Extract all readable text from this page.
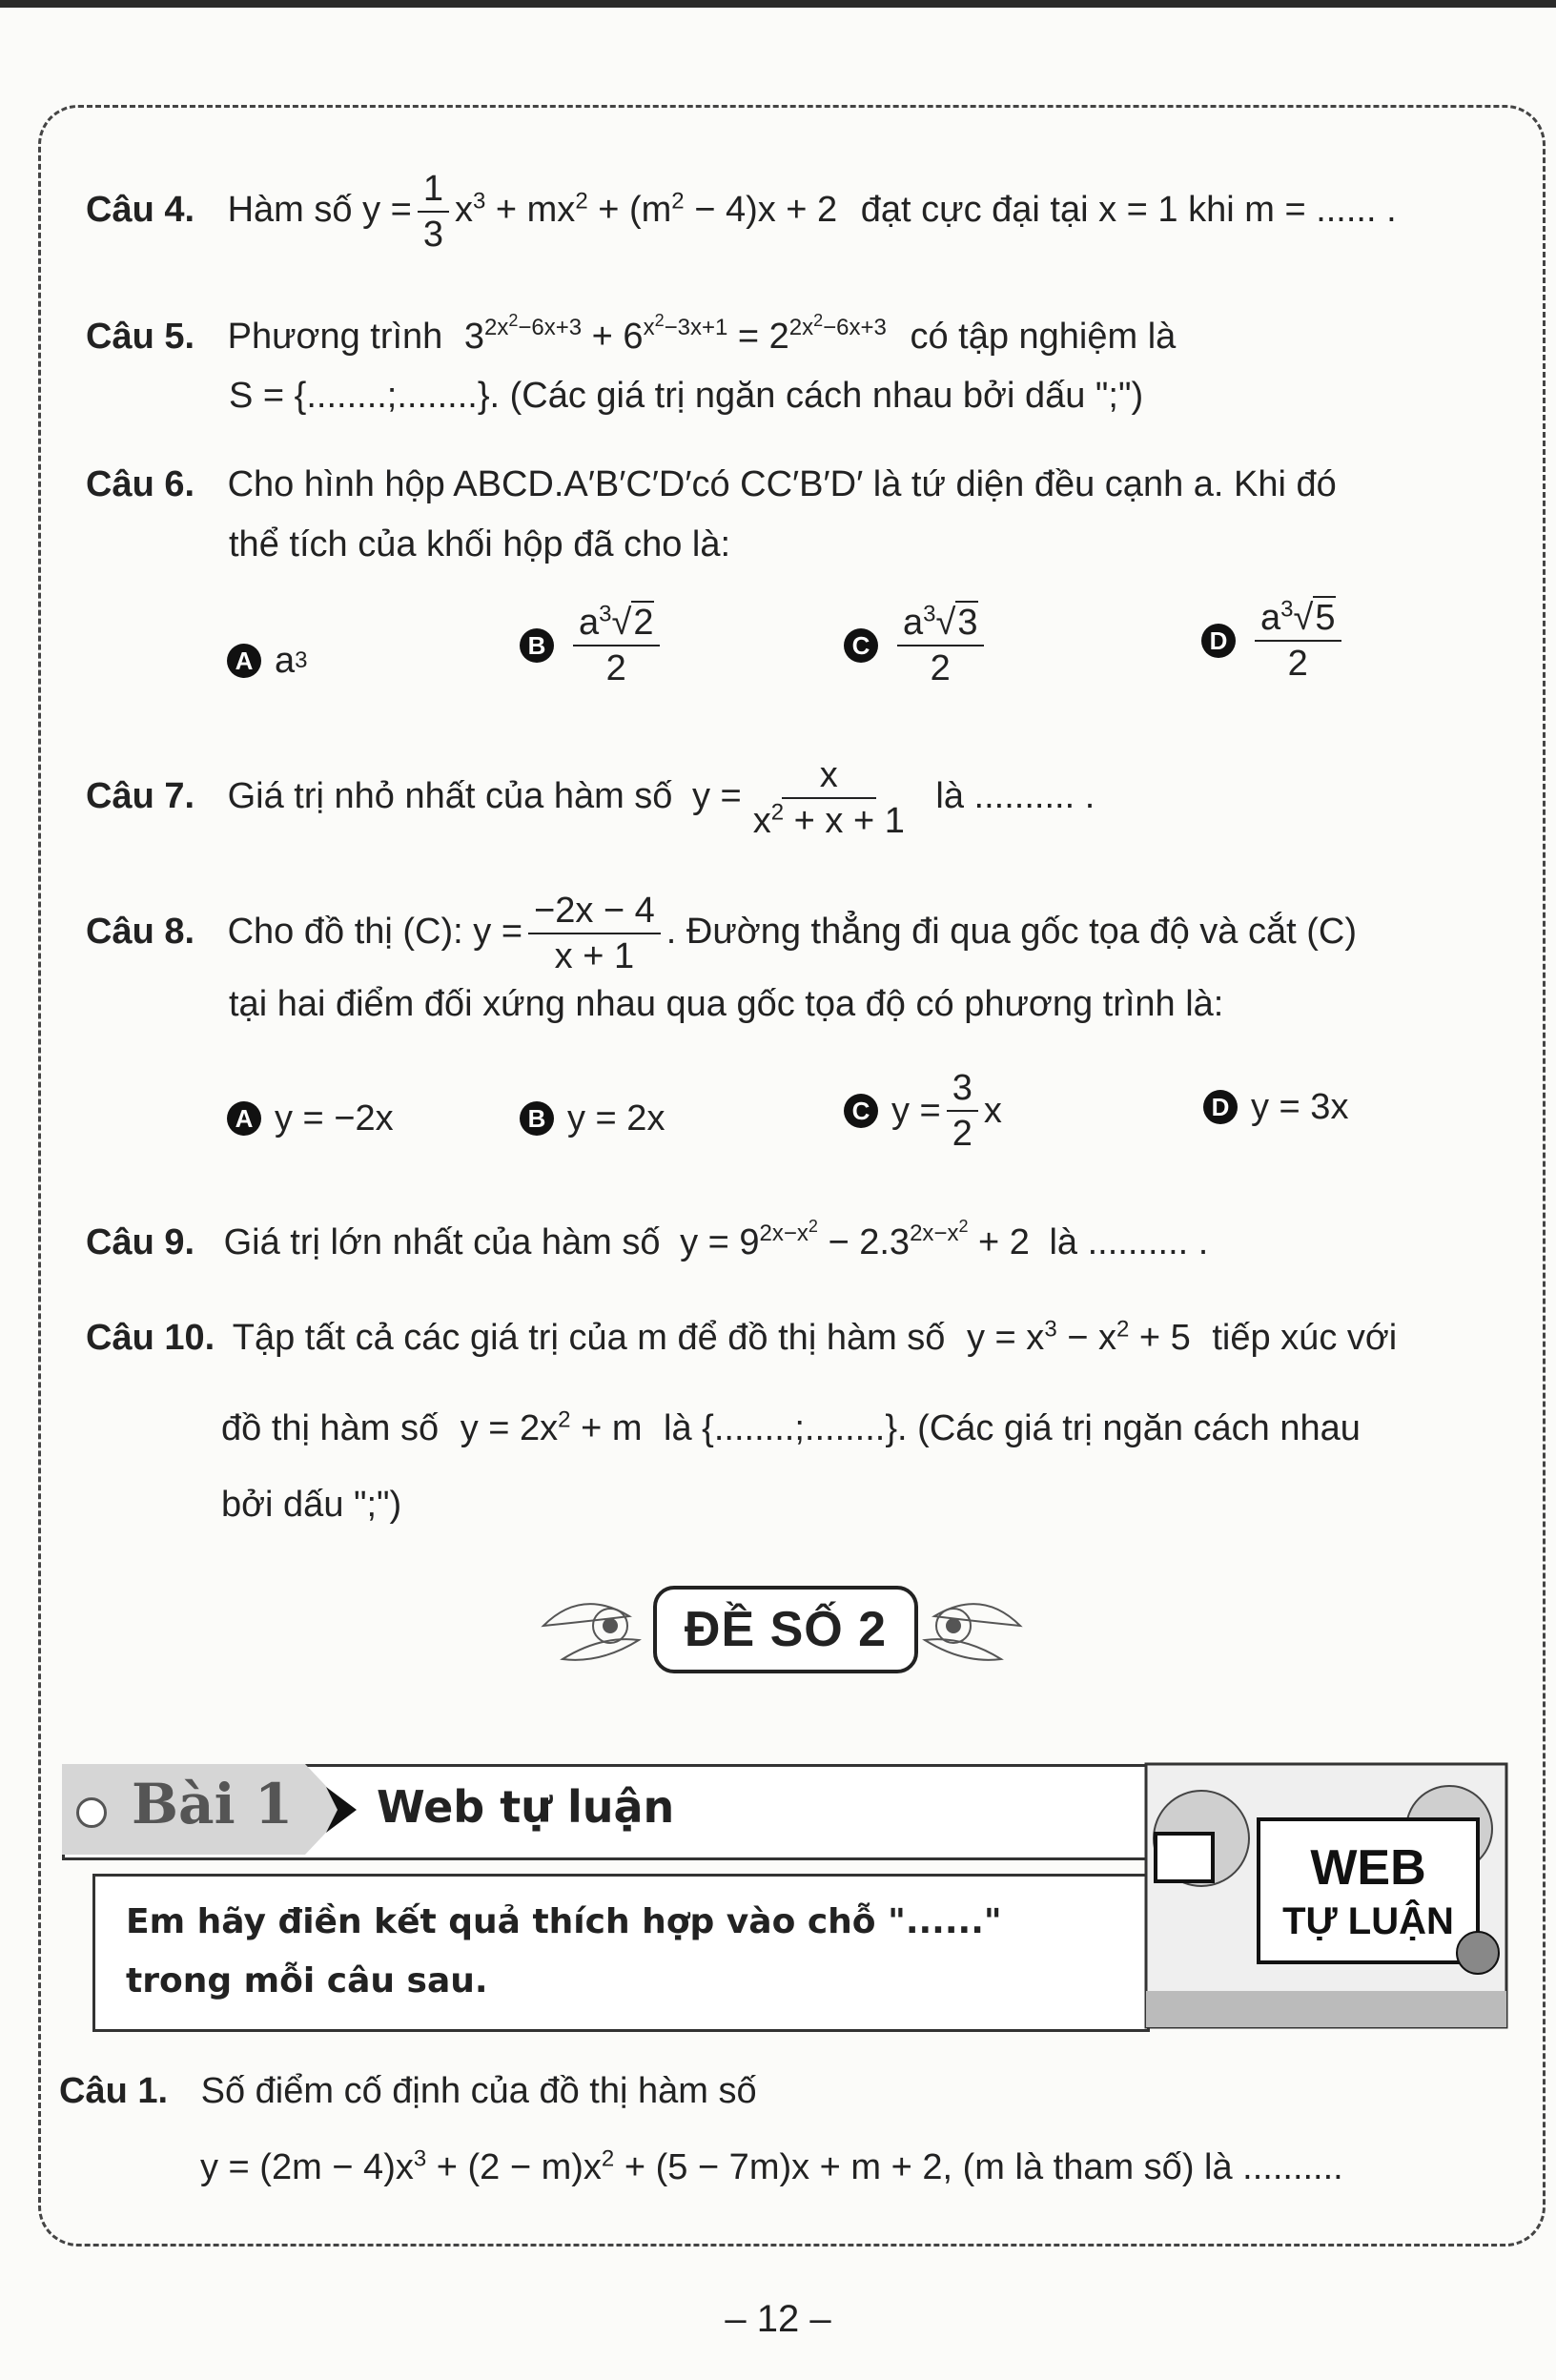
Câu 4. Hàm số $y = \frac{1}{3} x^3 + mx^2 + (m^2 - 4)x + 2$ đạt cực đại tại x = 1 khi m = ...... .
Câu 5. Phương trình $3^{2x^2-6x+3} + 6^{x^2-3x+1} = 2^{2x^2-6x+3}$ có tập nghiệm là
S = {........;........}. (Các giá trị ngăn cách nhau bởi dấu ";")
Câu 6. Cho hình hộp ABCD.A′B′C′D′có CC′B′D′ là tứ diện đều cạnh a. Khi đó
thể tích của khối hộp đã cho là:
A a 3
B $\frac{a^3√2}{2}$	C $\frac{a^3√3}{2}$	D $\frac{a^3√5}{2}$
Câu 7. Giá trị nhỏ nhất của hàm số $y = \frac{x}{x^2 + x + 1}$ là .......... .
Câu 8. Cho đồ thị (C): $y = \frac{-2x - 4}{x + 1}$ . Đường thẳng đi qua gốc tọa độ và cắt (C)
tại hai điểm đối xứng nhau qua gốc tọa độ có phương trình là:
A y = −2x	B y = 2x	C $y = \frac{3}{2}$ x	D y = 3x
Câu 9. Giá trị lớn nhất của hàm số $y = 9^{2x-x^2} - 2.3^{2x-x^2} + 2$ là .......... .
Câu 10. Tập tất cả các giá trị của m để đồ thị hàm số $y = x^3 - x^2 + 5$ tiếp xúc với
đồ thị hàm số $y = 2x^2 + m$ là {........;........}. (Các giá trị ngăn cách nhau
bởi dấu ";")
ĐỀ SỐ 2
Bài 1 Web tự luận
Em hãy điền kết quả thích hợp vào chỗ "......" trong mỗi câu sau.
WEB
TỰ LUẬN
Câu 1. Số điểm cố định của đồ thị hàm số
$y = (2m - 4)x^3 + (2 - m)x^2 + (5 - 7m)x + m + 2$, (m là tham số) là ..........
– 12 –
